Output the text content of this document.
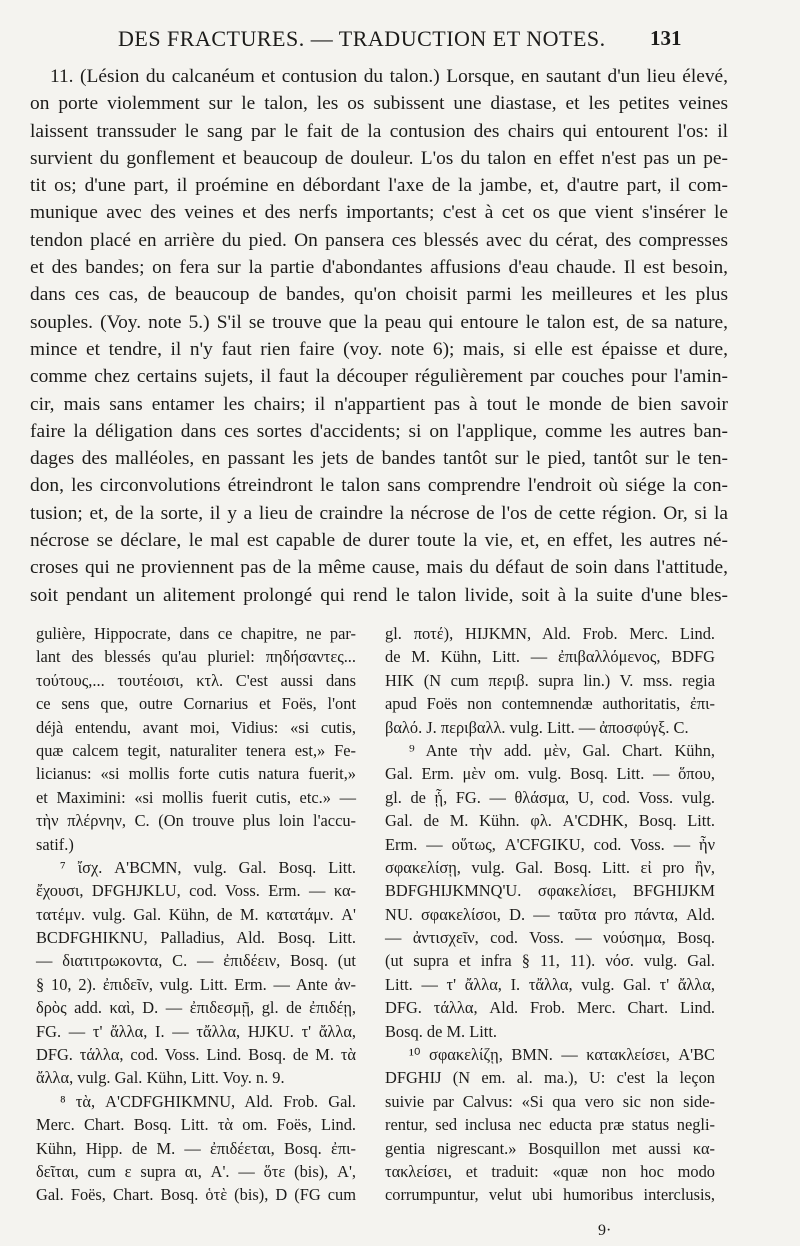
DES FRACTURES. — TRADUCTION ET NOTES. 131
11. (Lésion du calcanéum et contusion du talon.) Lorsque, en sautant d'un lieu élevé,
on porte violemment sur le talon, les os subissent une diastase, et les petites veines
laissent transsuder le sang par le fait de la contusion des chairs qui entourent l'os: il
survient du gonflement et beaucoup de douleur. L'os du talon en effet n'est pas un pe-
tit os; d'une part, il proémine en débordant l'axe de la jambe, et, d'autre part, il com-
munique avec des veines et des nerfs importants; c'est à cet os que vient s'insérer le
tendon placé en arrière du pied. On pansera ces blessés avec du cérat, des compresses
et des bandes; on fera sur la partie d'abondantes affusions d'eau chaude. Il est besoin,
dans ces cas, de beaucoup de bandes, qu'on choisit parmi les meilleures et les plus
souples. (Voy. note 5.) S'il se trouve que la peau qui entoure le talon est, de sa nature,
mince et tendre, il n'y faut rien faire (voy. note 6); mais, si elle est épaisse et dure,
comme chez certains sujets, il faut la découper régulièrement par couches pour l'amin-
cir, mais sans entamer les chairs; il n'appartient pas à tout le monde de bien savoir
faire la déligation dans ces sortes d'accidents; si on l'applique, comme les autres ban-
dages des malléoles, en passant les jets de bandes tantôt sur le pied, tantôt sur le ten-
don, les circonvolutions étreindront le talon sans comprendre l'endroit où siége la con-
tusion; et, de la sorte, il y a lieu de craindre la nécrose de l'os de cette région. Or, si la
nécrose se déclare, le mal est capable de durer toute la vie, et, en effet, les autres né-
croses qui ne proviennent pas de la même cause, mais du défaut de soin dans l'attitude,
soit pendant un alitement prolongé qui rend le talon livide, soit à la suite d'une bles-
gulière, Hippocrate, dans ce chapitre, ne par-
lant des blessés qu'au pluriel: πηδήσαντες...
τούτους,... τουτέοισι, κτλ. C'est aussi dans
ce sens que, outre Cornarius et Foës, l'ont
déjà entendu, avant moi, Vidius: «si cutis,
quæ calcem tegit, naturaliter tenera est,» Fe-
licianus: «si mollis forte cutis natura fuerit,»
et Maximini: «si mollis fuerit cutis, etc.» —
τὴν πλέρνην, C. (On trouve plus loin l'accu-
satif.)
⁷ ἴσχ. A'BCMN, vulg. Gal. Bosq. Litt.
ἔχουσι, DFGHJKLU, cod. Voss. Erm. — κα-
τατέμν. vulg. Gal. Kühn, de M. κατατάμν. A'
BCDFGHIKNU, Palladius, Ald. Bosq. Litt.
— διατιτρωκοντα, C. — ἐπιδέειν, Bosq. (ut
§ 10, 2). ἐπιδεῖν, vulg. Litt. Erm. — Ante ἀν-
δρὸς add. καὶ, D. — ἐπιδεσμῇ, gl. de ἐπιδέῃ,
FG. — τ' ἄλλα, I. — τἄλλα, HJKU. τ' ἄλλα,
DFG. τάλλα, cod. Voss. Lind. Bosq. de M. τὰ
ἄλλα, vulg. Gal. Kühn, Litt. Voy. n. 9.
⁸ τὰ, A'CDFGHIKMNU, Ald. Frob. Gal.
Merc. Chart. Bosq. Litt. τὰ om. Foës, Lind.
Kühn, Hipp. de M. — ἐπιδέεται, Bosq. ἐπι-
δεῖται, cum ε supra αι, A'. — ὅτε (bis), A',
Gal. Foës, Chart. Bosq. ὁτὲ (bis), D (FG cum
gl. ποτέ), HIJKMN, Ald. Frob. Merc. Lind.
de M. Kühn, Litt. — ἐπιβαλλόμενος, BDFG
HIK (N cum περιβ. supra lin.) V. mss. regia
apud Foës non contemnendæ authoritatis, ἐπι-
βαλό. J. περιβαλλ. vulg. Litt. — ἀποσφύγξ. C.
⁹ Ante τὴν add. μὲν, Gal. Chart. Kühn,
Gal. Erm. μὲν om. vulg. Bosq. Litt. — ὅπου,
gl. de ᾗ, FG. — θλάσμα, U, cod. Voss. vulg.
Gal. de M. Kühn. φλ. A'CDHK, Bosq. Litt.
Erm. — οὕτως, A'CFGIKU, cod. Voss. — ἦν
σφακελίσῃ, vulg. Gal. Bosq. Litt. εἰ pro ἢν,
BDFGHIJKMNQ'U. σφακελίσει, BFGHIJKM
NU. σφακελίσοι, D. — ταῦτα pro πάντα, Ald.
— ἀντισχεῖν, cod. Voss. — νούσημα, Bosq.
(ut supra et infra § 11, 11). νόσ. vulg. Gal.
Litt. — τ' ἄλλα, I. τἄλλα, vulg. Gal. τ' ἄλλα,
DFG. τάλλα, Ald. Frob. Merc. Chart. Lind.
Bosq. de M. Litt.
¹⁰ σφακελίζῃ, BMN. — κατακλείσει, A'BC
DFGHIJ (N em. al. ma.), U: c'est la leçon
suivie par Calvus: «Si qua vero sic non side-
rentur, sed inclusa nec educta præ status negli-
gentia nigrescant.» Bosquillon met aussi κα-
τακλείσει, et traduit: «quæ non hoc modo
corrumpuntur, velut ubi humoribus interclusis,
9·
